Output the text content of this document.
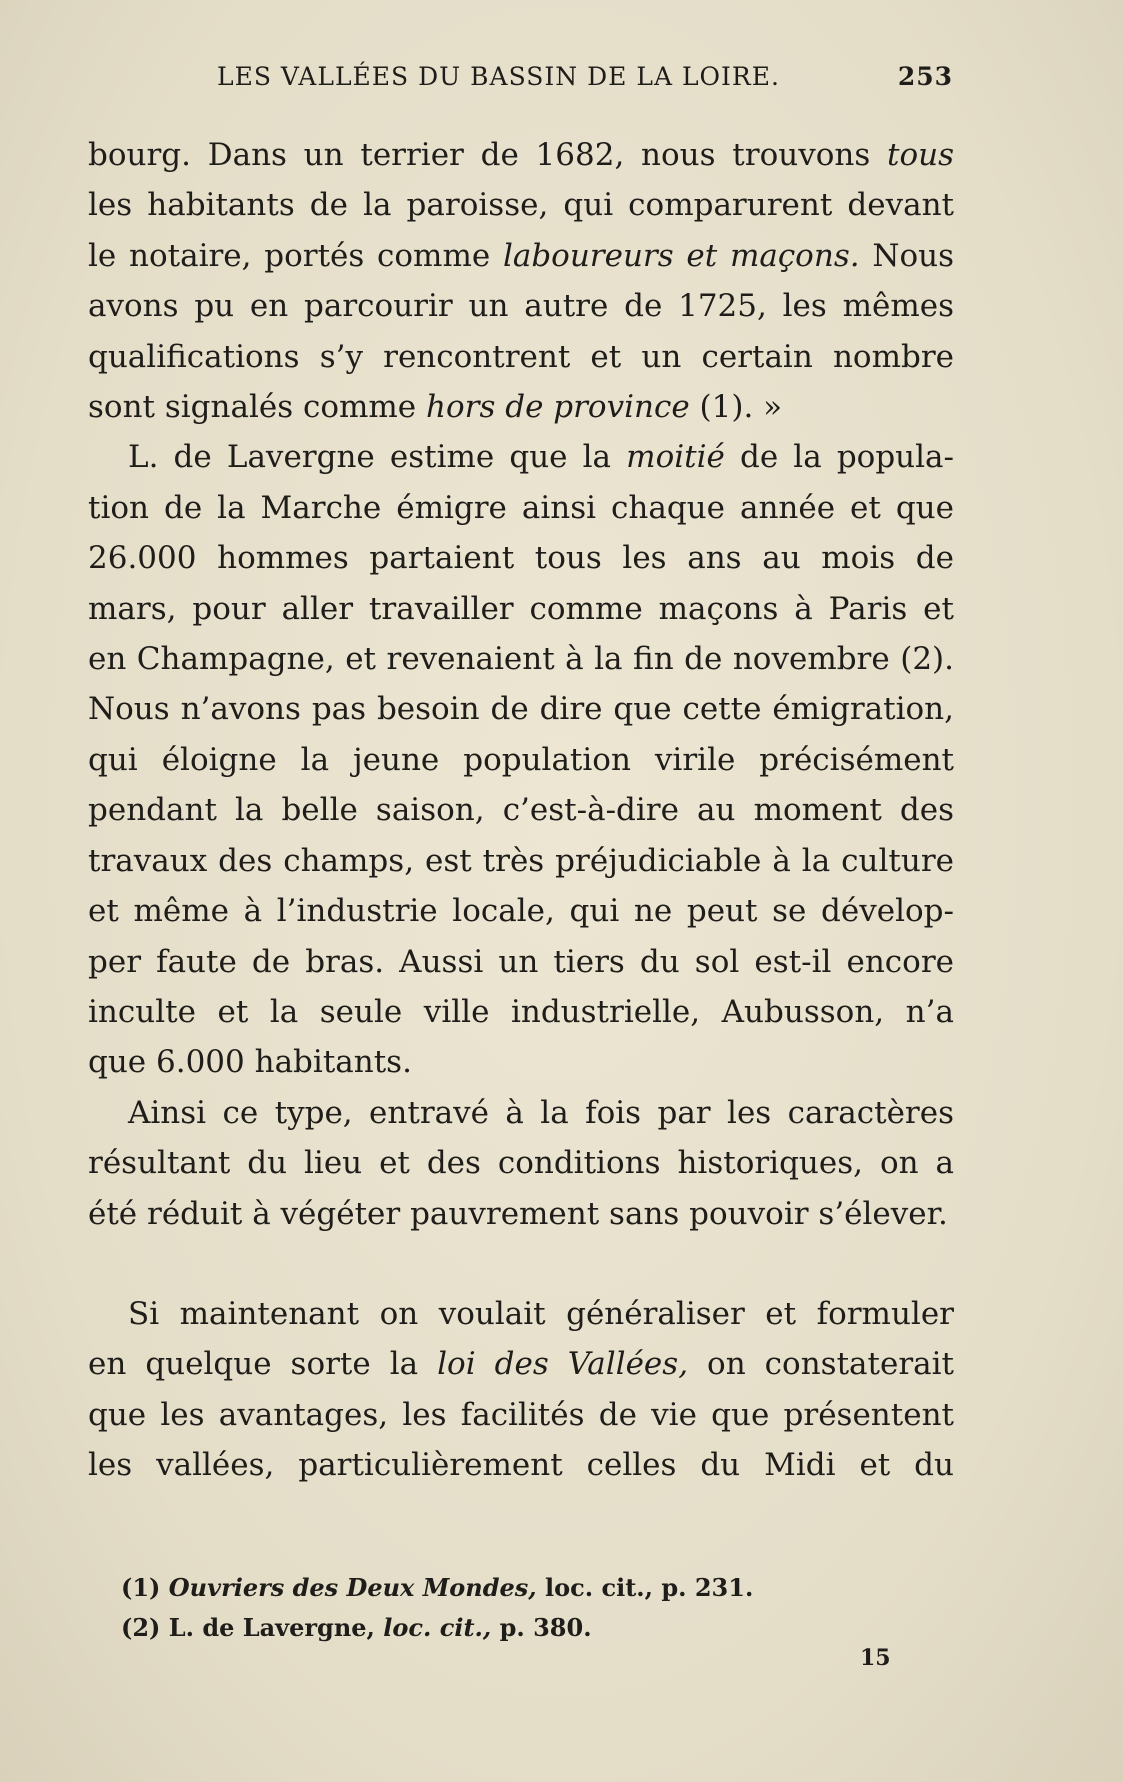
LES VALLÉES DU BASSIN DE LA LOIRE.	253

bourg. Dans un terrier de 1682, nous trouvons tous
les habitants de la paroisse, qui comparurent devant
le notaire, portés comme laboureurs et maçons. Nous
avons pu en parcourir un autre de 1725, les mêmes
qualifications s’y rencontrent et un certain nombre
sont signalés comme hors de province (1). »

L. de Lavergne estime que la moitié de la popula-
tion de la Marche émigre ainsi chaque année et que
26.000 hommes partaient tous les ans au mois de
mars, pour aller travailler comme maçons à Paris et
en Champagne, et revenaient à la fin de novembre (2).
Nous n’avons pas besoin de dire que cette émigration,
qui éloigne la jeune population virile précisément
pendant la belle saison, c’est-à-dire au moment des
travaux des champs, est très préjudiciable à la culture
et même à l’industrie locale, qui ne peut se dévelop-
per faute de bras. Aussi un tiers du sol est-il encore
inculte et la seule ville industrielle, Aubusson, n’a
que 6.000 habitants.

Ainsi ce type, entravé à la fois par les caractères
résultant du lieu et des conditions historiques, on a
été réduit à végéter pauvrement sans pouvoir s’élever.

Si maintenant on voulait généraliser et formuler
en quelque sorte la loi des Vallées, on constaterait
que les avantages, les facilités de vie que présentent
les vallées, particulièrement celles du Midi et du

(1) Ouvriers des Deux Mondes, loc. cit., p. 231.
(2) L. de Lavergne, loc. cit., p. 380.
15
